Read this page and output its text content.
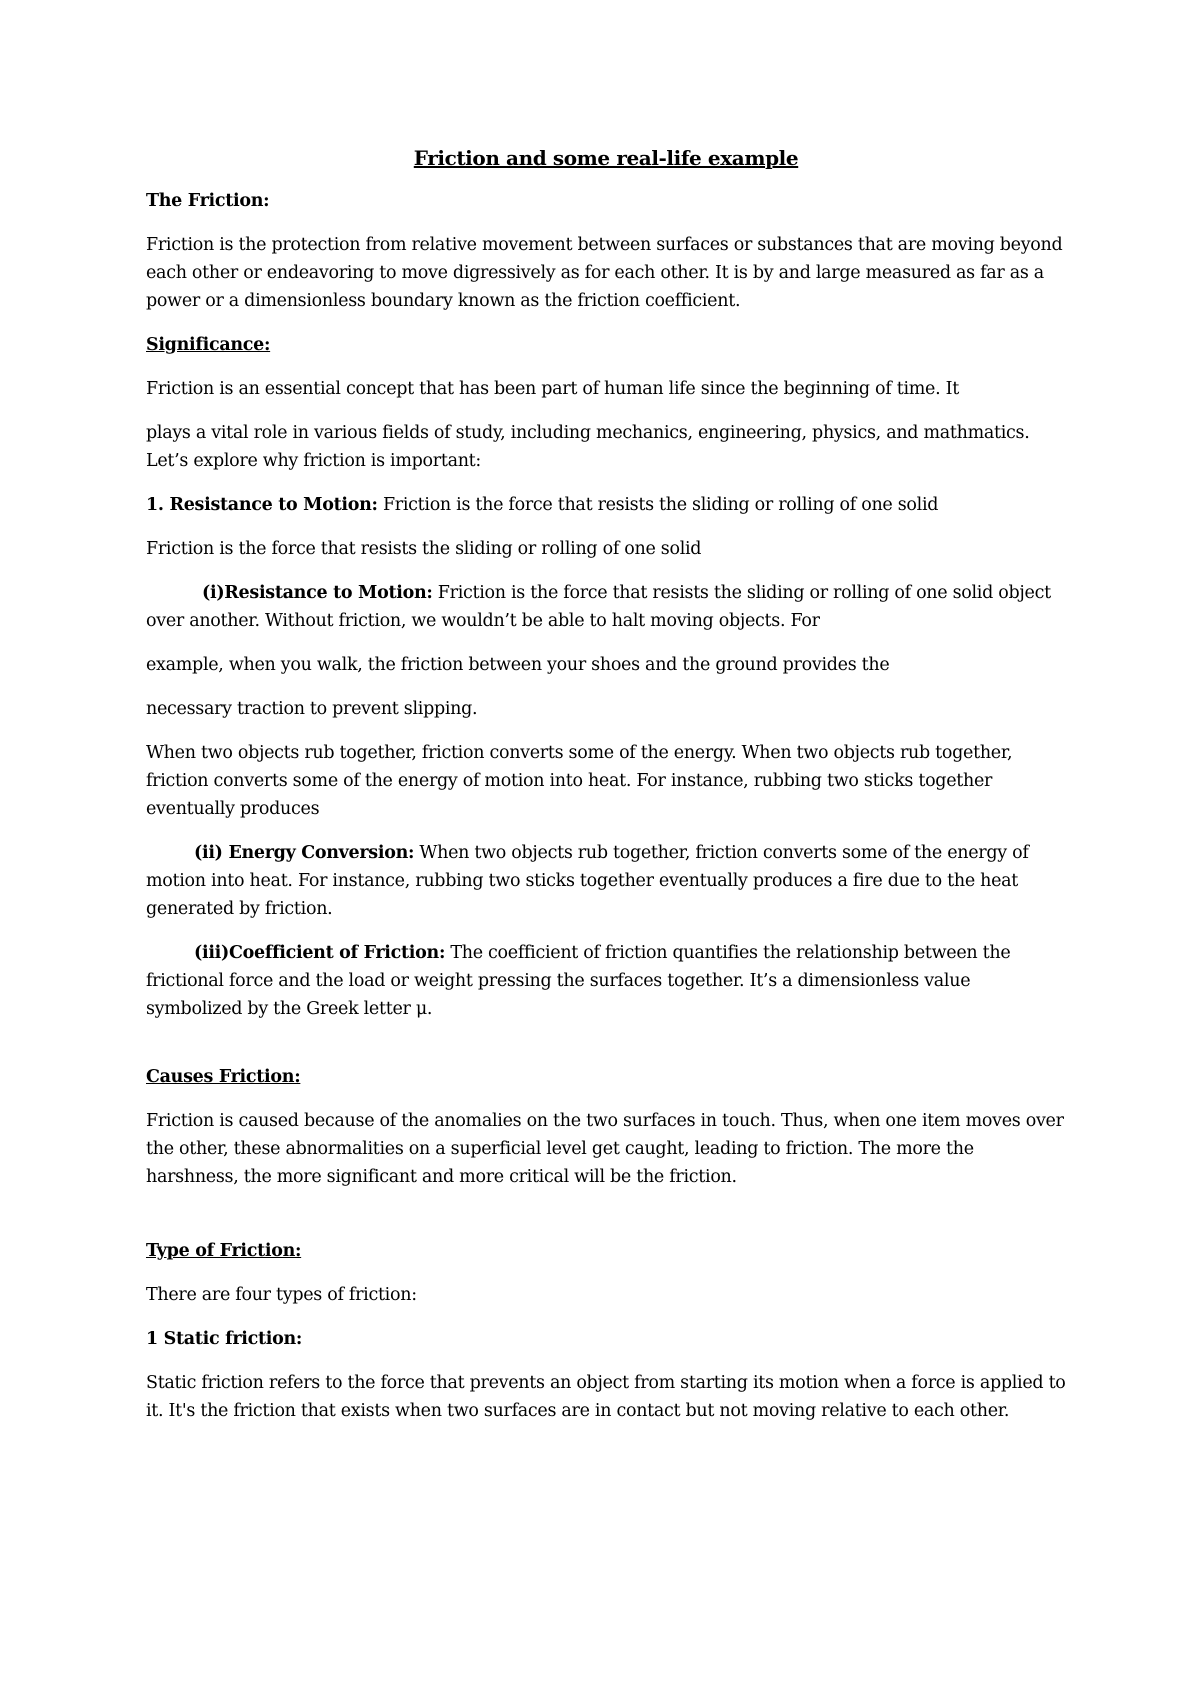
Friction and some real-life example
The Friction:

Friction is the protection from relative movement between surfaces or substances that are moving beyond each other or endeavoring to move digressively as for each other. It is by and large measured as far as a power or a dimensionless boundary known as the friction coefficient.

Significance:

Friction is an essential concept that has been part of human life since the beginning of time. It

plays a vital role in various fields of study, including mechanics, engineering, physics, and mathmatics. Let’s explore why friction is important:

1. Resistance to Motion: Friction is the force that resists the sliding or rolling of one solid

Friction is the force that resists the sliding or rolling of one solid

(i)Resistance to Motion: Friction is the force that resists the sliding or rolling of one solid object over another. Without friction, we wouldn’t be able to halt moving objects. For

example, when you walk, the friction between your shoes and the ground provides the

necessary traction to prevent slipping.

When two objects rub together, friction converts some of the energy. When two objects rub together, friction converts some of the energy of motion into heat. For instance, rubbing two sticks together eventually produces

(ii) Energy Conversion: When two objects rub together, friction converts some of the energy of motion into heat. For instance, rubbing two sticks together eventually produces a fire due to the heat generated by friction.

(iii)Coefficient of Friction: The coefficient of friction quantifies the relationship between the frictional force and the load or weight pressing the surfaces together. It’s a dimensionless value symbolized by the Greek letter μ.

Causes Friction:

Friction is caused because of the anomalies on the two surfaces in touch. Thus, when one item moves over the other, these abnormalities on a superficial level get caught, leading to friction. The more the harshness, the more significant and more critical will be the friction.

Type of Friction:

There are four types of friction:

1 Static friction:

Static friction refers to the force that prevents an object from starting its motion when a force is applied to it. It's the friction that exists when two surfaces are in contact but not moving relative to each other.
